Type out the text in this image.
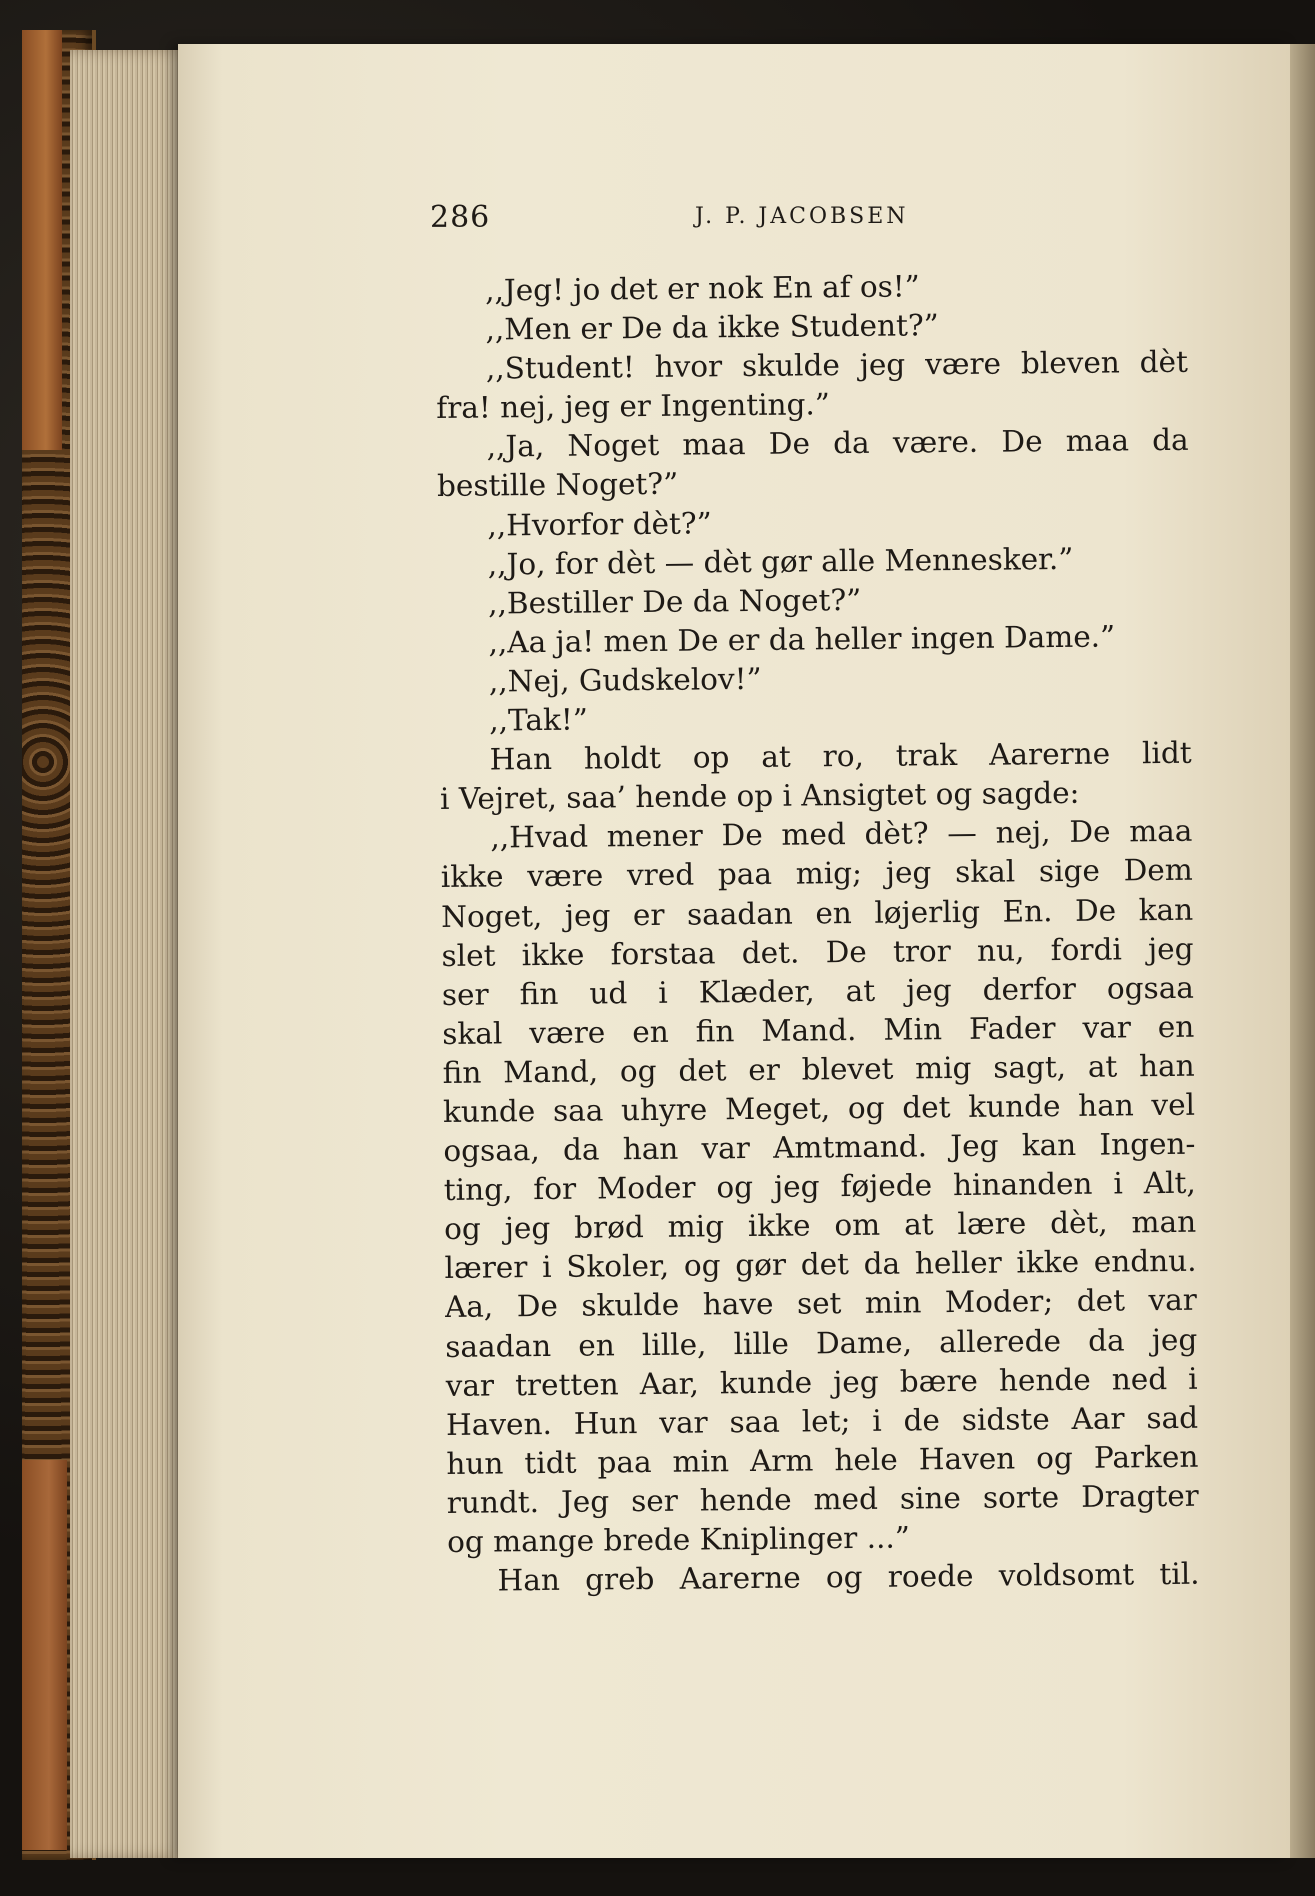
286	J. P. JACOBSEN
,,Jeg! jo det er nok En af os!”
,,Men er De da ikke Student?”
,,Student! hvor skulde jeg være bleven dèt
fra! nej, jeg er Ingenting.”
,,Ja, Noget maa De da være. De maa da
bestille Noget?”
,,Hvorfor dèt?”
,,Jo, for dèt — dèt gør alle Mennesker.”
,,Bestiller De da Noget?”
,,Aa ja! men De er da heller ingen Dame.”
,,Nej, Gudskelov!”
,,Tak!”
Han holdt op at ro, trak Aarerne lidt
i Vejret, saa’ hende op i Ansigtet og sagde:
,,Hvad mener De med dèt? — nej, De maa
ikke være vred paa mig; jeg skal sige Dem
Noget, jeg er saadan en løjerlig En. De kan
slet ikke forstaa det. De tror nu, fordi jeg
ser fin ud i Klæder, at jeg derfor ogsaa
skal være en fin Mand. Min Fader var en
fin Mand, og det er blevet mig sagt, at han
kunde saa uhyre Meget, og det kunde han vel
ogsaa, da han var Amtmand. Jeg kan Ingen-
ting, for Moder og jeg føjede hinanden i Alt,
og jeg brød mig ikke om at lære dèt, man
lærer i Skoler, og gør det da heller ikke endnu.
Aa, De skulde have set min Moder; det var
saadan en lille, lille Dame, allerede da jeg
var tretten Aar, kunde jeg bære hende ned i
Haven. Hun var saa let; i de sidste Aar sad
hun tidt paa min Arm hele Haven og Parken
rundt. Jeg ser hende med sine sorte Dragter
og mange brede Kniplinger ...”
Han greb Aarerne og roede voldsomt til.
